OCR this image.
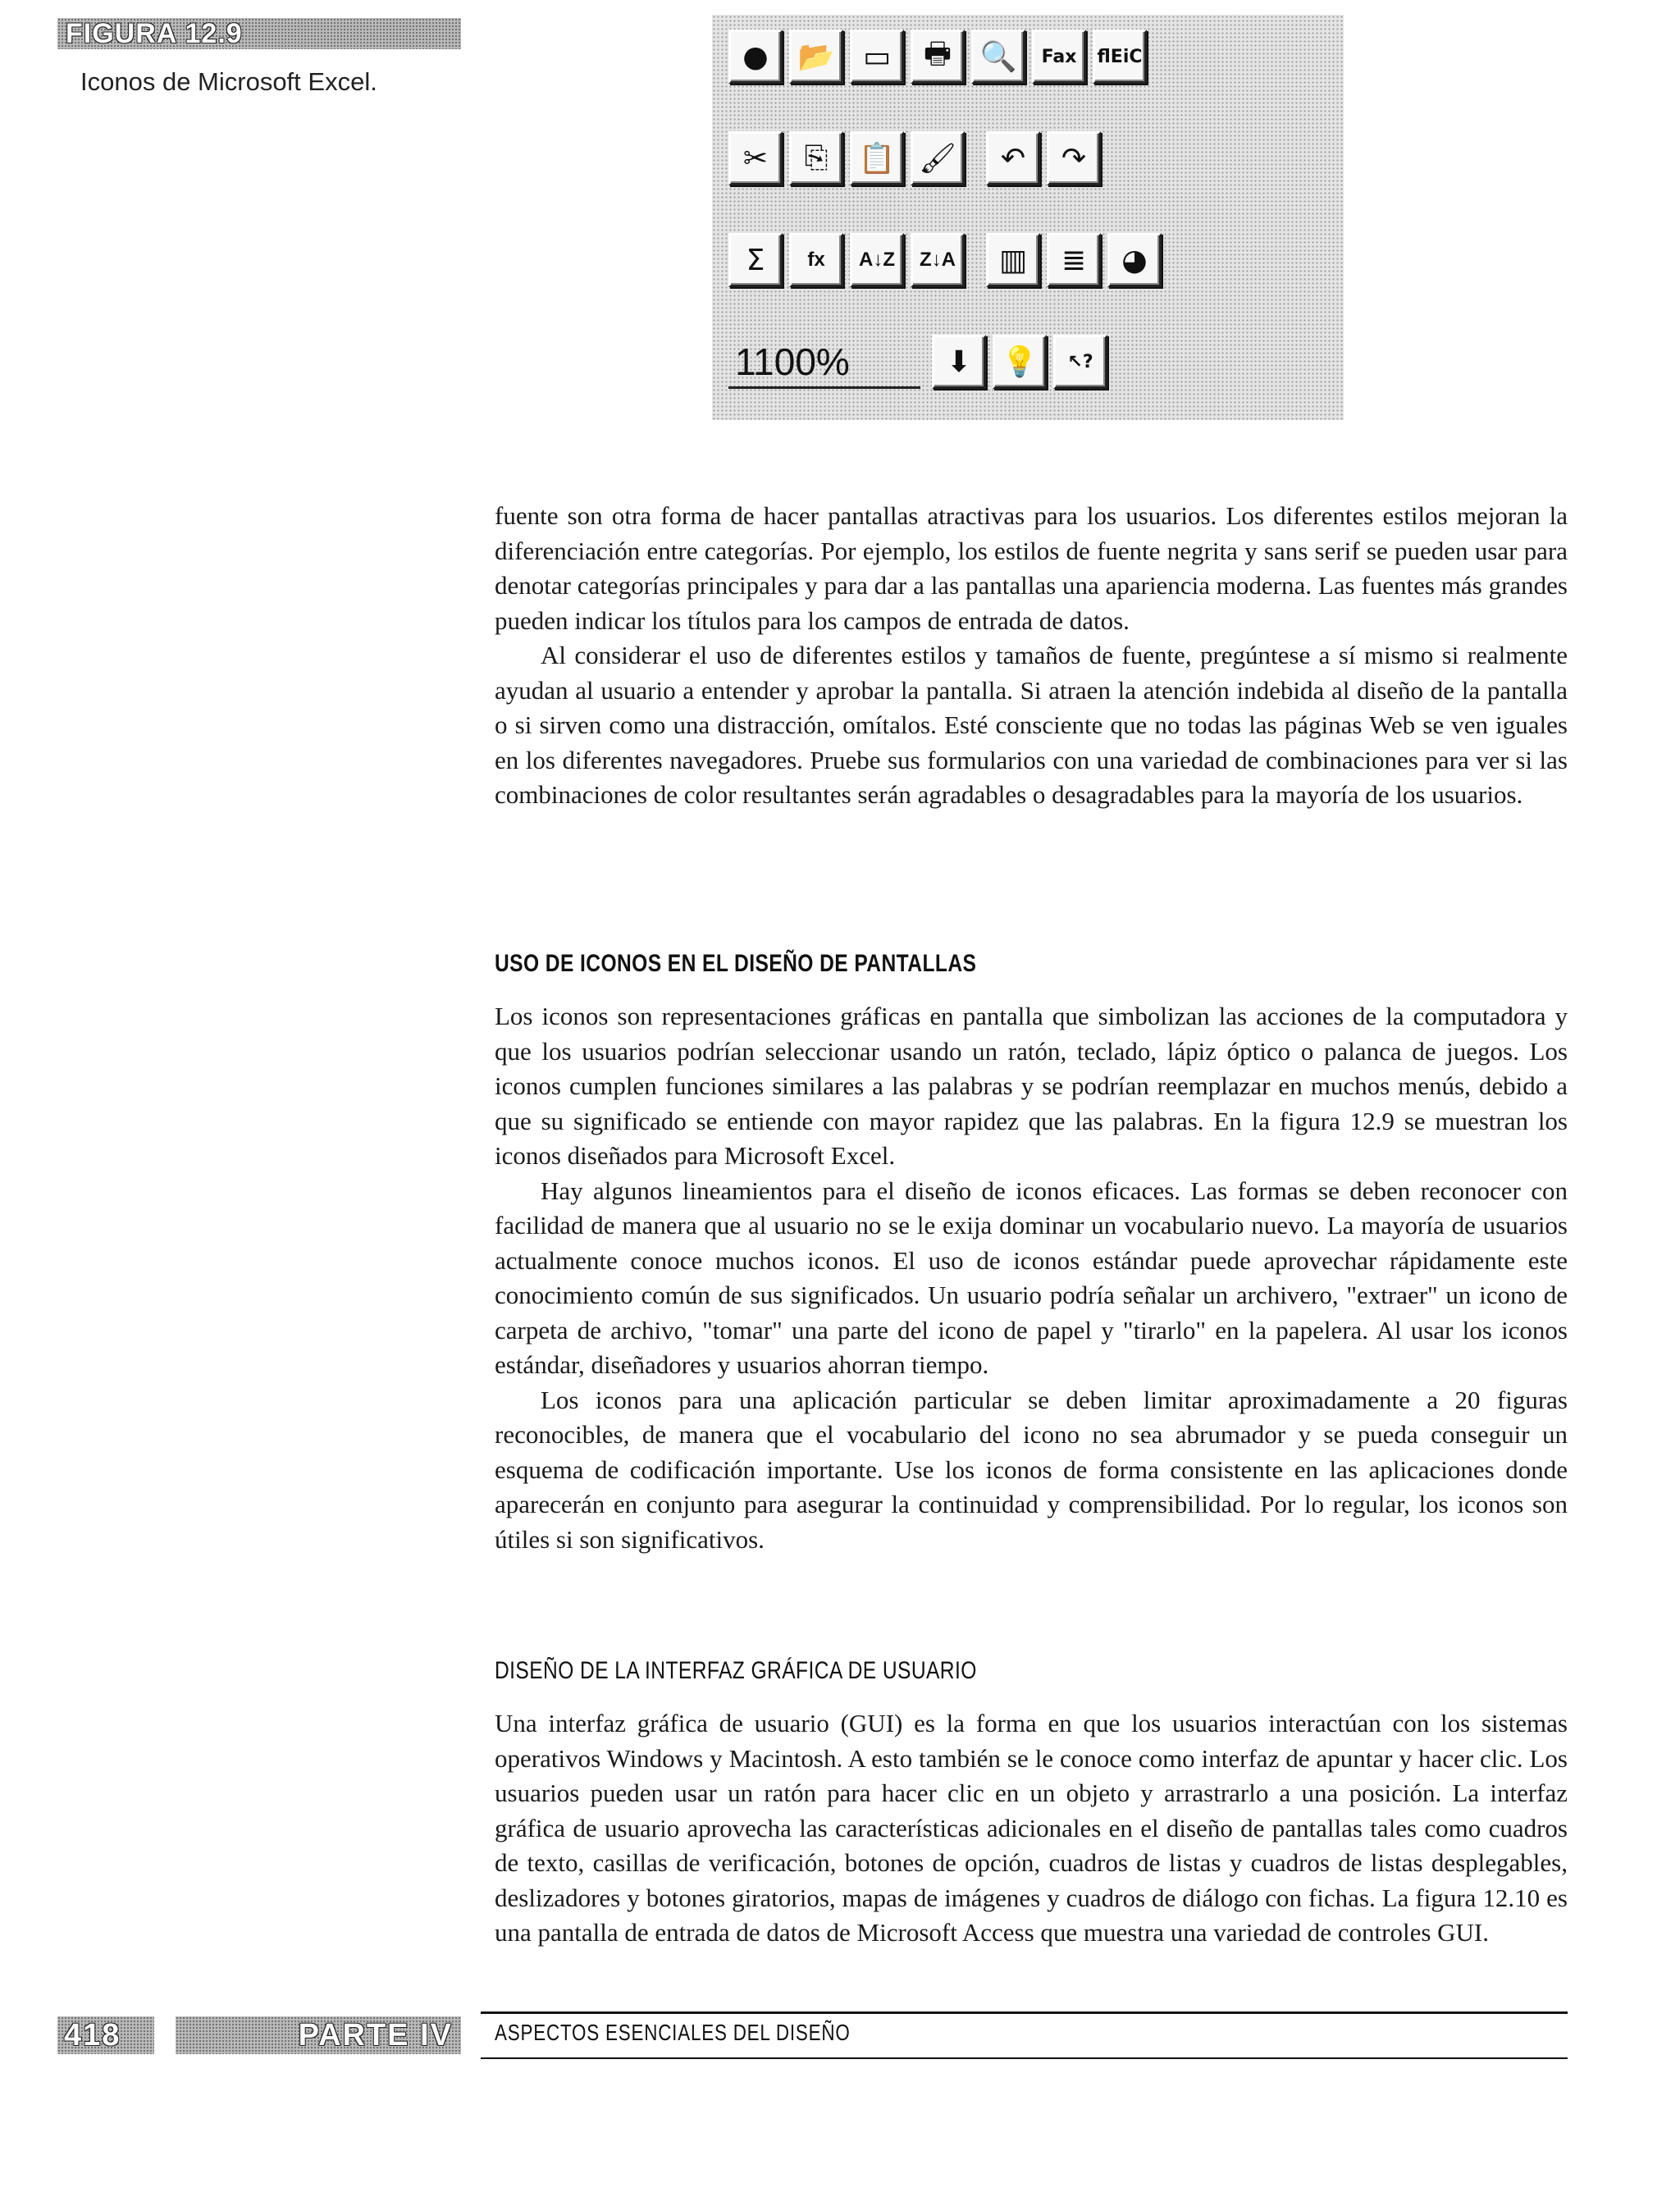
FIGURA 12.9
Iconos de Microsoft Excel.
● 📂 ▭ 🖶 🔍 Fax flEiC
✂ ⎘ 📋 🖌 ↶ ↷
Σ fx A↓Z Z↓A ▥ ≣ ◕
1100%	⬇ 💡 ↖?

fuente son otra forma de hacer pantallas atractivas para los usuarios. Los diferentes estilos mejoran la diferenciación entre categorías. Por ejemplo, los estilos de fuente negrita y sans serif se pueden usar para denotar categorías principales y para dar a las pantallas una apariencia moderna. Las fuentes más grandes pueden indicar los títulos para los campos de entrada de datos.

Al considerar el uso de diferentes estilos y tamaños de fuente, pregúntese a sí mismo si realmente ayudan al usuario a entender y aprobar la pantalla. Si atraen la atención indebida al diseño de la pantalla o si sirven como una distracción, omítalos. Esté consciente que no todas las páginas Web se ven iguales en los diferentes navegadores. Pruebe sus formularios con una variedad de combinaciones para ver si las combinaciones de color resultantes serán agradables o desagradables para la mayoría de los usuarios.

USO DE ICONOS EN EL DISEÑO DE PANTALLAS

Los iconos son representaciones gráficas en pantalla que simbolizan las acciones de la computadora y que los usuarios podrían seleccionar usando un ratón, teclado, lápiz óptico o palanca de juegos. Los iconos cumplen funciones similares a las palabras y se podrían reemplazar en muchos menús, debido a que su significado se entiende con mayor rapidez que las palabras. En la figura 12.9 se muestran los iconos diseñados para Microsoft Excel.

Hay algunos lineamientos para el diseño de iconos eficaces. Las formas se deben reconocer con facilidad de manera que al usuario no se le exija dominar un vocabulario nuevo. La mayoría de usuarios actualmente conoce muchos iconos. El uso de iconos estándar puede aprovechar rápidamente este conocimiento común de sus significados. Un usuario podría señalar un archivero, "extraer" un icono de carpeta de archivo, "tomar" una parte del icono de papel y "tirarlo" en la papelera. Al usar los iconos estándar, diseñadores y usuarios ahorran tiempo.

Los iconos para una aplicación particular se deben limitar aproximadamente a 20 figuras reconocibles, de manera que el vocabulario del icono no sea abrumador y se pueda conseguir un esquema de codificación importante. Use los iconos de forma consistente en las aplicaciones donde aparecerán en conjunto para asegurar la continuidad y comprensibilidad. Por lo regular, los iconos son útiles si son significativos.

DISEÑO DE LA INTERFAZ GRÁFICA DE USUARIO

Una interfaz gráfica de usuario (GUI) es la forma en que los usuarios interactúan con los sistemas operativos Windows y Macintosh. A esto también se le conoce como interfaz de apuntar y hacer clic. Los usuarios pueden usar un ratón para hacer clic en un objeto y arrastrarlo a una posición. La interfaz gráfica de usuario aprovecha las características adicionales en el diseño de pantallas tales como cuadros de texto, casillas de verificación, botones de opción, cuadros de listas y cuadros de listas desplegables, deslizadores y botones giratorios, mapas de imágenes y cuadros de diálogo con fichas. La figura 12.10 es una pantalla de entrada de datos de Microsoft Access que muestra una variedad de controles GUI.

418	PARTE IV	ASPECTOS ESENCIALES DEL DISEÑO
